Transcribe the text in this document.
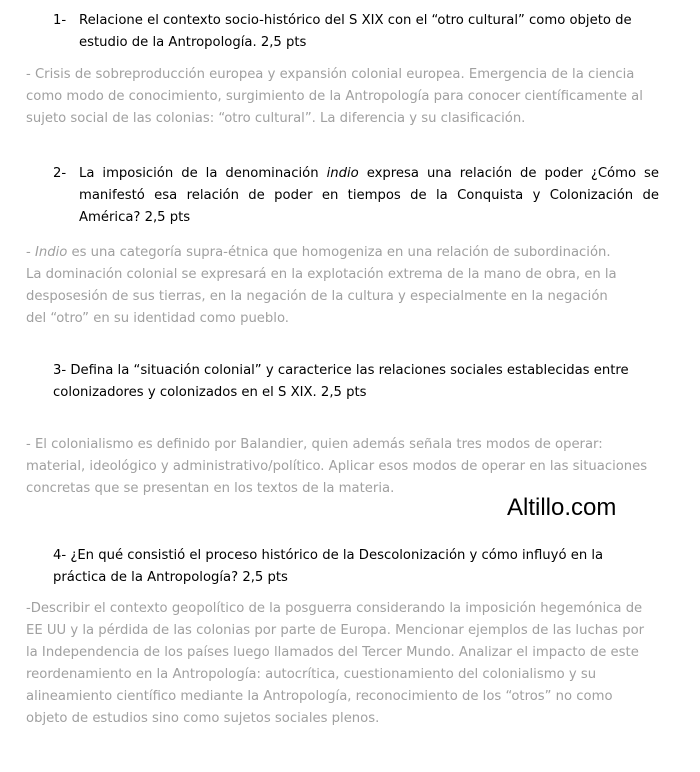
1- Relacione el contexto socio-histórico del S XIX con el “otro cultural” como objeto de estudio de la Antropología. 2,5 pts
- Crisis de sobreproducción europea y expansión colonial europea. Emergencia de la ciencia como modo de conocimiento, surgimiento de la Antropología para conocer científicamente al sujeto social de las colonias: “otro cultural”. La diferencia y su clasificación.
2- La imposición de la denominación indio expresa una relación de poder ¿Cómo se manifestó esa relación de poder en tiempos de la Conquista y Colonización de América? 2,5 pts
- Indio es una categoría supra-étnica que homogeniza en una relación de subordinación. La dominación colonial se expresará en la explotación extrema de la mano de obra, en la desposesión de sus tierras, en la negación de la cultura y especialmente en la negación del “otro” en su identidad como pueblo.
3- Defina la “situación colonial” y caracterice las relaciones sociales establecidas entre colonizadores y colonizados en el S XIX. 2,5 pts
- El colonialismo es definido por Balandier, quien además señala tres modos de operar: material, ideológico y administrativo/político. Aplicar esos modos de operar en las situaciones concretas que se presentan en los textos de la materia.
Altillo.com
4- ¿En qué consistió el proceso histórico de la Descolonización y cómo influyó en la práctica de la Antropología? 2,5 pts
-Describir el contexto geopolítico de la posguerra considerando la imposición hegemónica de EE UU y la pérdida de las colonias por parte de Europa. Mencionar ejemplos de las luchas por la Independencia de los países luego llamados del Tercer Mundo. Analizar el impacto de este reordenamiento en la Antropología: autocrítica, cuestionamiento del colonialismo y su alineamiento científico mediante la Antropología, reconocimiento de los “otros” no como objeto de estudios sino como sujetos sociales plenos.
